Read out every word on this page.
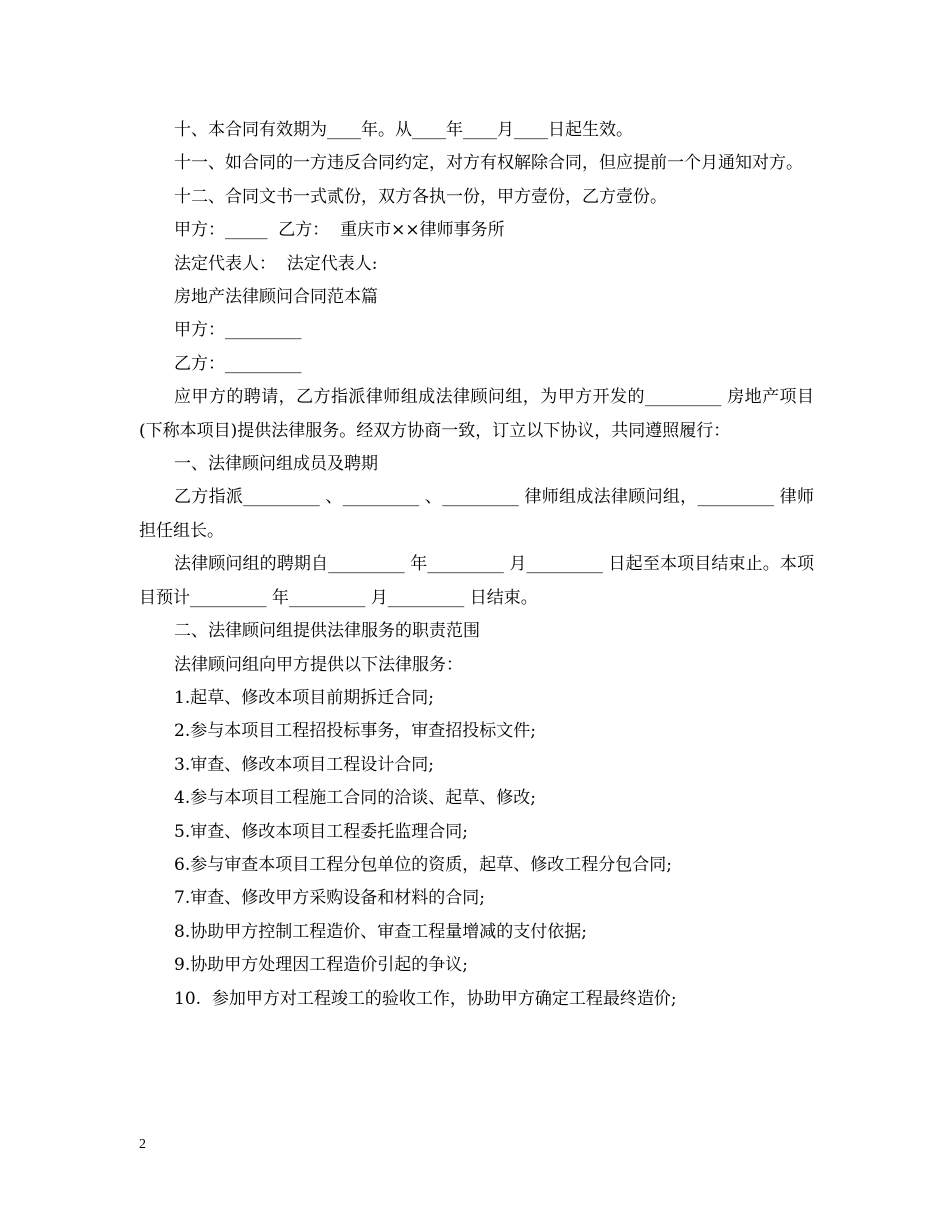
十、本合同有效期为____年。从____年____月____日起生效。

十一、如合同的一方违反合同约定，对方有权解除合同，但应提前一个月通知对方。

十二、合同文书一式贰份，双方各执一份，甲方壹份，乙方壹份。

甲方：_____  乙方：  重庆市××律师事务所

法定代表人：  法定代表人:

房地产法律顾问合同范本篇

甲方：_________

乙方：_________

应甲方的聘请，乙方指派律师组成法律顾问组，为甲方开发的_________ 房地产项目(下称本项目)提供法律服务。经双方协商一致，订立以下协议，共同遵照履行：

一、法律顾问组成员及聘期

乙方指派_________ 、_________ 、_________ 律师组成法律顾问组，_________ 律师担任组长。

法律顾问组的聘期自_________ 年_________ 月_________ 日起至本项目结束止。本项目预计_________ 年_________ 月_________ 日结束。

二、法律顾问组提供法律服务的职责范围

法律顾问组向甲方提供以下法律服务：

1.起草、修改本项目前期拆迁合同;

2.参与本项目工程招投标事务，审查招投标文件;

3.审查、修改本项目工程设计合同;

4.参与本项目工程施工合同的洽谈、起草、修改;

5.审查、修改本项目工程委托监理合同;

6.参与审查本项目工程分包单位的资质，起草、修改工程分包合同;

7.审查、修改甲方采购设备和材料的合同;

8.协助甲方控制工程造价、审查工程量增减的支付依据;

9.协助甲方处理因工程造价引起的争议;

10.  参加甲方对工程竣工的验收工作，协助甲方确定工程最终造价;

2
